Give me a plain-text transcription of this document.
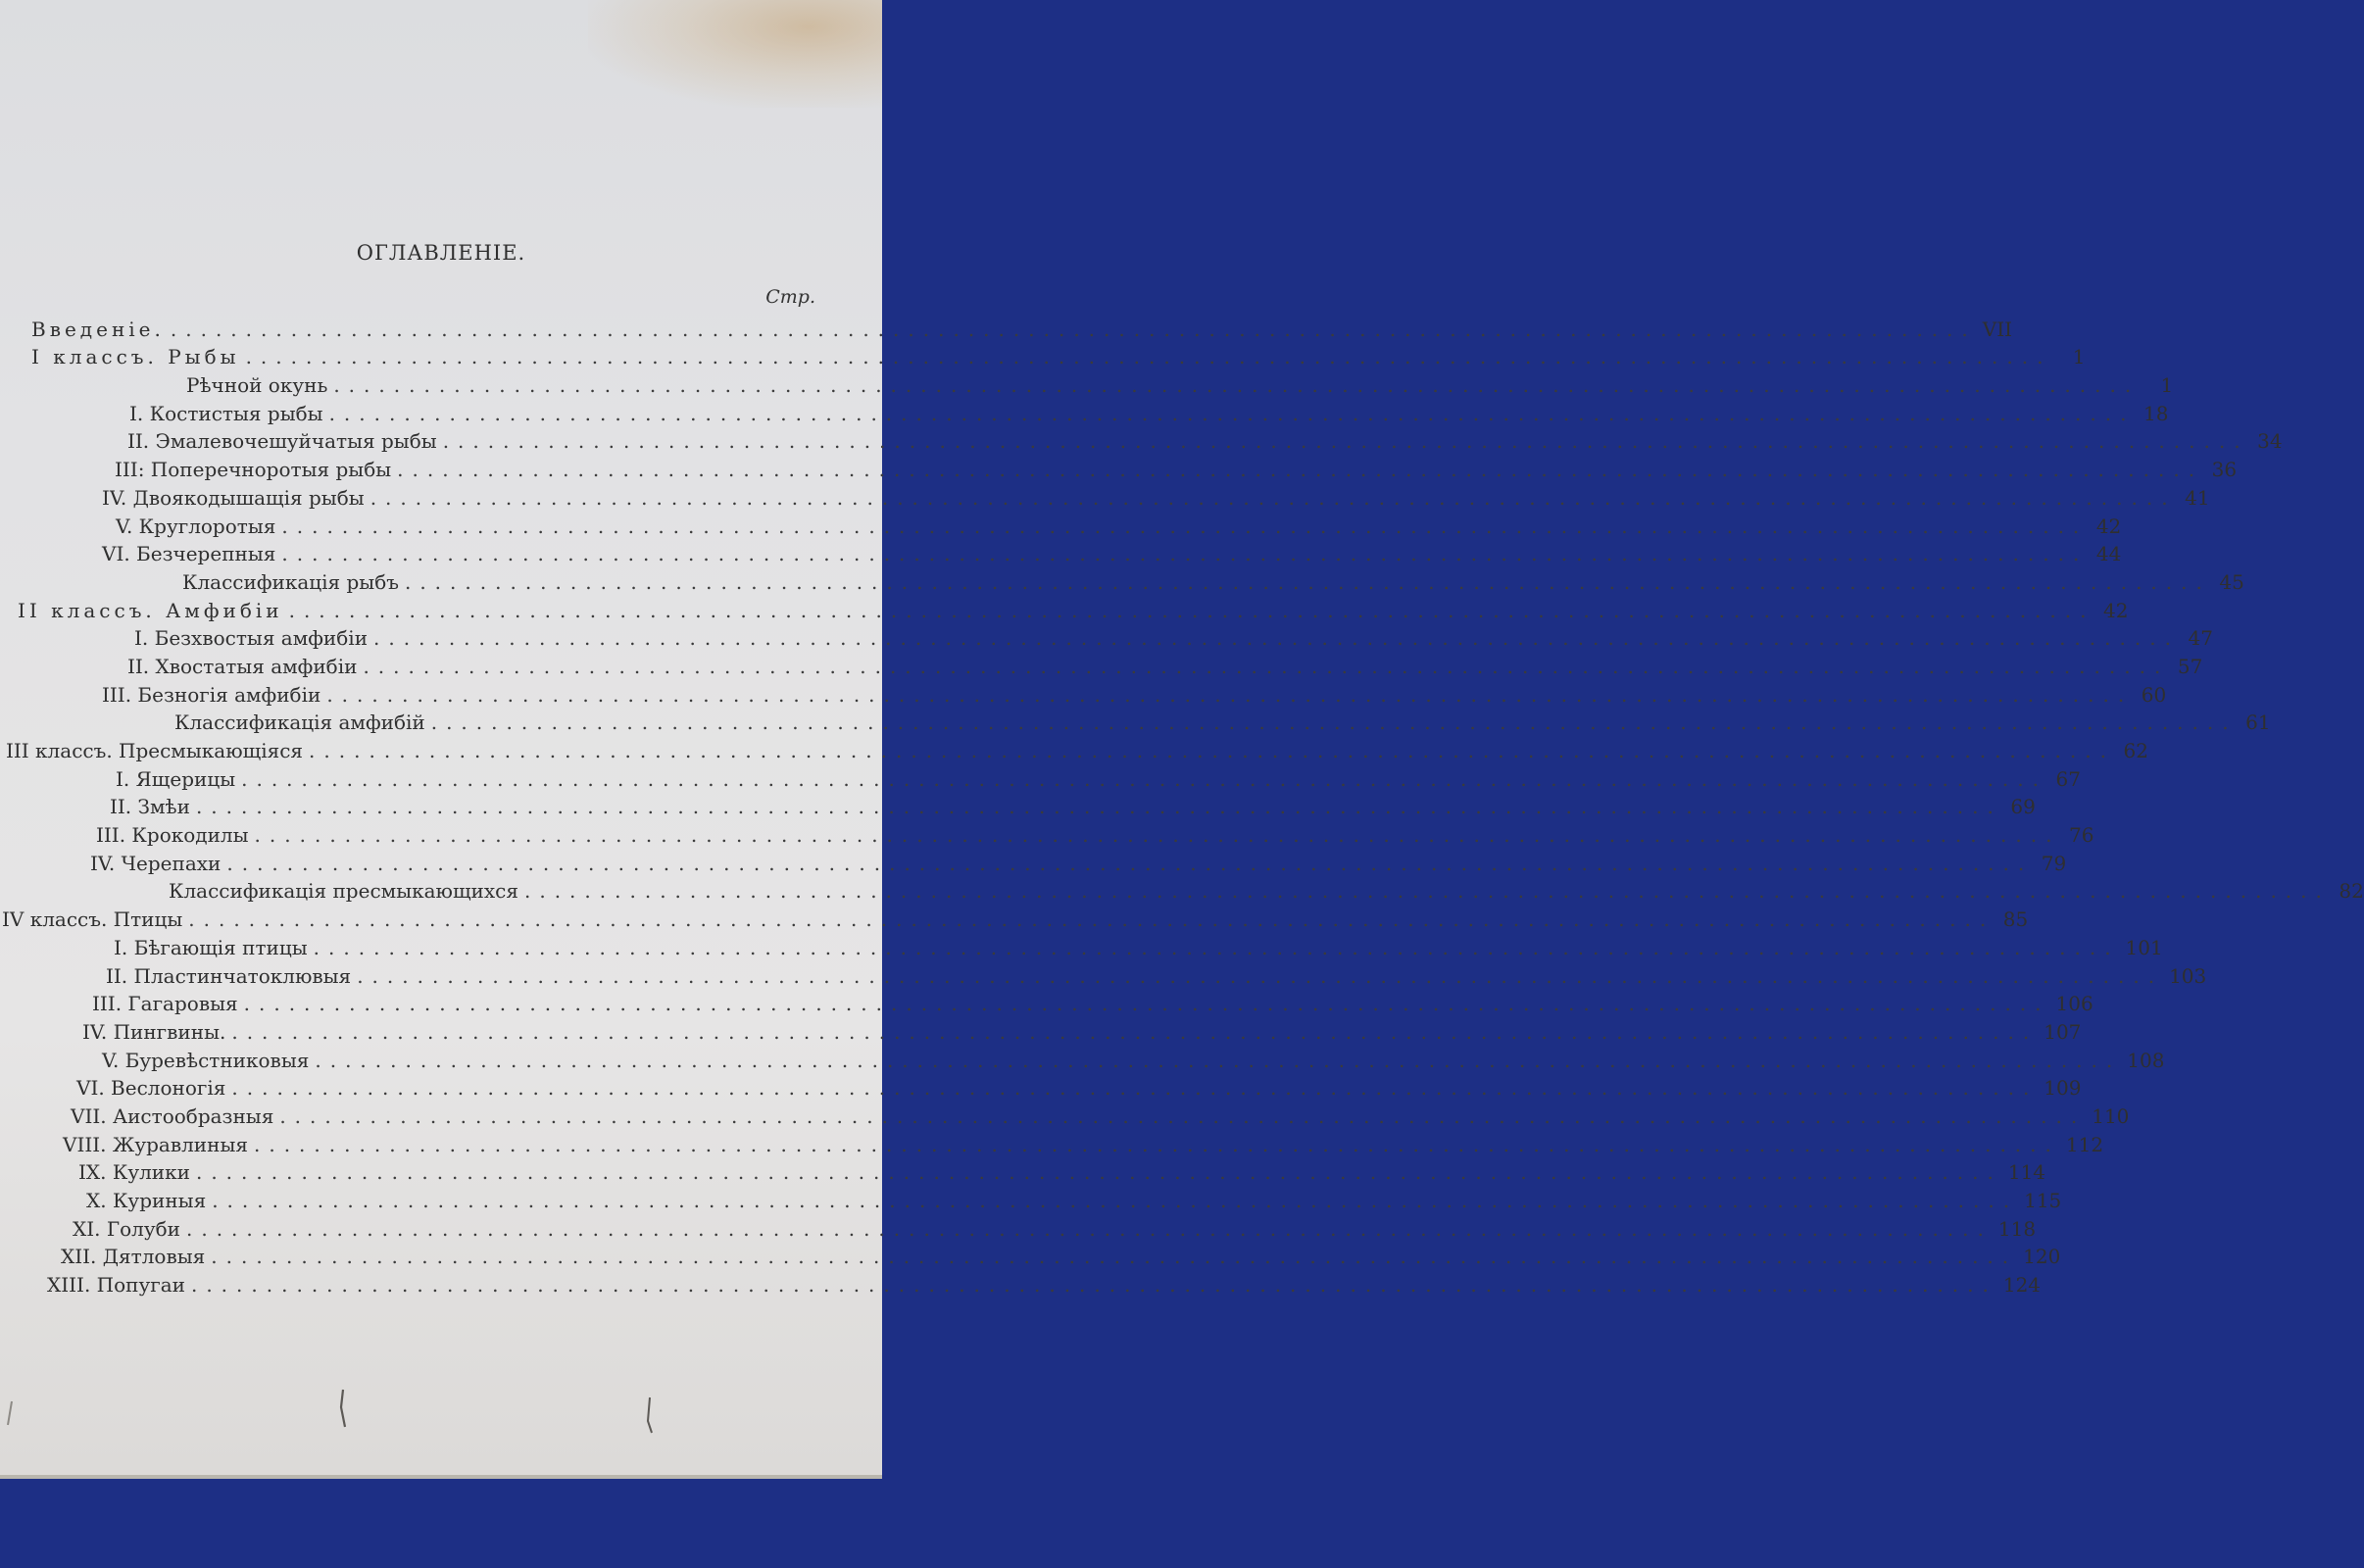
ОГЛАВЛЕНІЕ.
Стр.
Введеніе. ........................................................................................................................ VII
I классъ. Рыбы ........................................................................................................................	1
Рѣчной окунь ........................................................................................................................	1
I. Костистыя рыбы ........................................................................................................................ 18
II. Эмалевочешуйчатыя рыбы ........................................................................................................................ 34
III: Поперечноротыя рыбы ........................................................................................................................ 36
IV. Двоякодышащія рыбы ........................................................................................................................ 41
V. Круглоротыя ........................................................................................................................ 42
VI. Безчерепныя ........................................................................................................................ 44
Классификація рыбъ ........................................................................................................................ 45
II классъ. Амфибіи ........................................................................................................................ 42
I. Безхвостыя амфибіи ........................................................................................................................ 47
II. Хвостатыя амфибіи ........................................................................................................................ 57
III. Безногія амфибіи ........................................................................................................................ 60
Классификація амфибій ........................................................................................................................ 61
III классъ. Пресмыкающіяся ........................................................................................................................ 62
I. Ящерицы ........................................................................................................................ 67
II. Змѣи ........................................................................................................................ 69
III. Крокодилы ........................................................................................................................ 76
IV. Черепахи ........................................................................................................................ 79
Классификація пресмыкающихся ........................................................................................................................ 82
IV классъ. Птицы ........................................................................................................................ 85
I. Бѣгающія птицы ........................................................................................................................ 101
II. Пластинчатоклювыя ........................................................................................................................ 103
III. Гагаровыя ........................................................................................................................ 106
IV. Пингвины. ........................................................................................................................ 107
V. Буревѣстниковыя ........................................................................................................................ 108
VI. Веслоногія ........................................................................................................................ 109
VII. Аистообразныя ........................................................................................................................ 110
VIII. Журавлиныя ........................................................................................................................ 112
IX. Кулики ........................................................................................................................ 114
X. Куриныя ........................................................................................................................ 115
XI. Голуби ........................................................................................................................ 118
XII. Дятловыя ........................................................................................................................ 120
XIII. Попугаи ........................................................................................................................ 124
